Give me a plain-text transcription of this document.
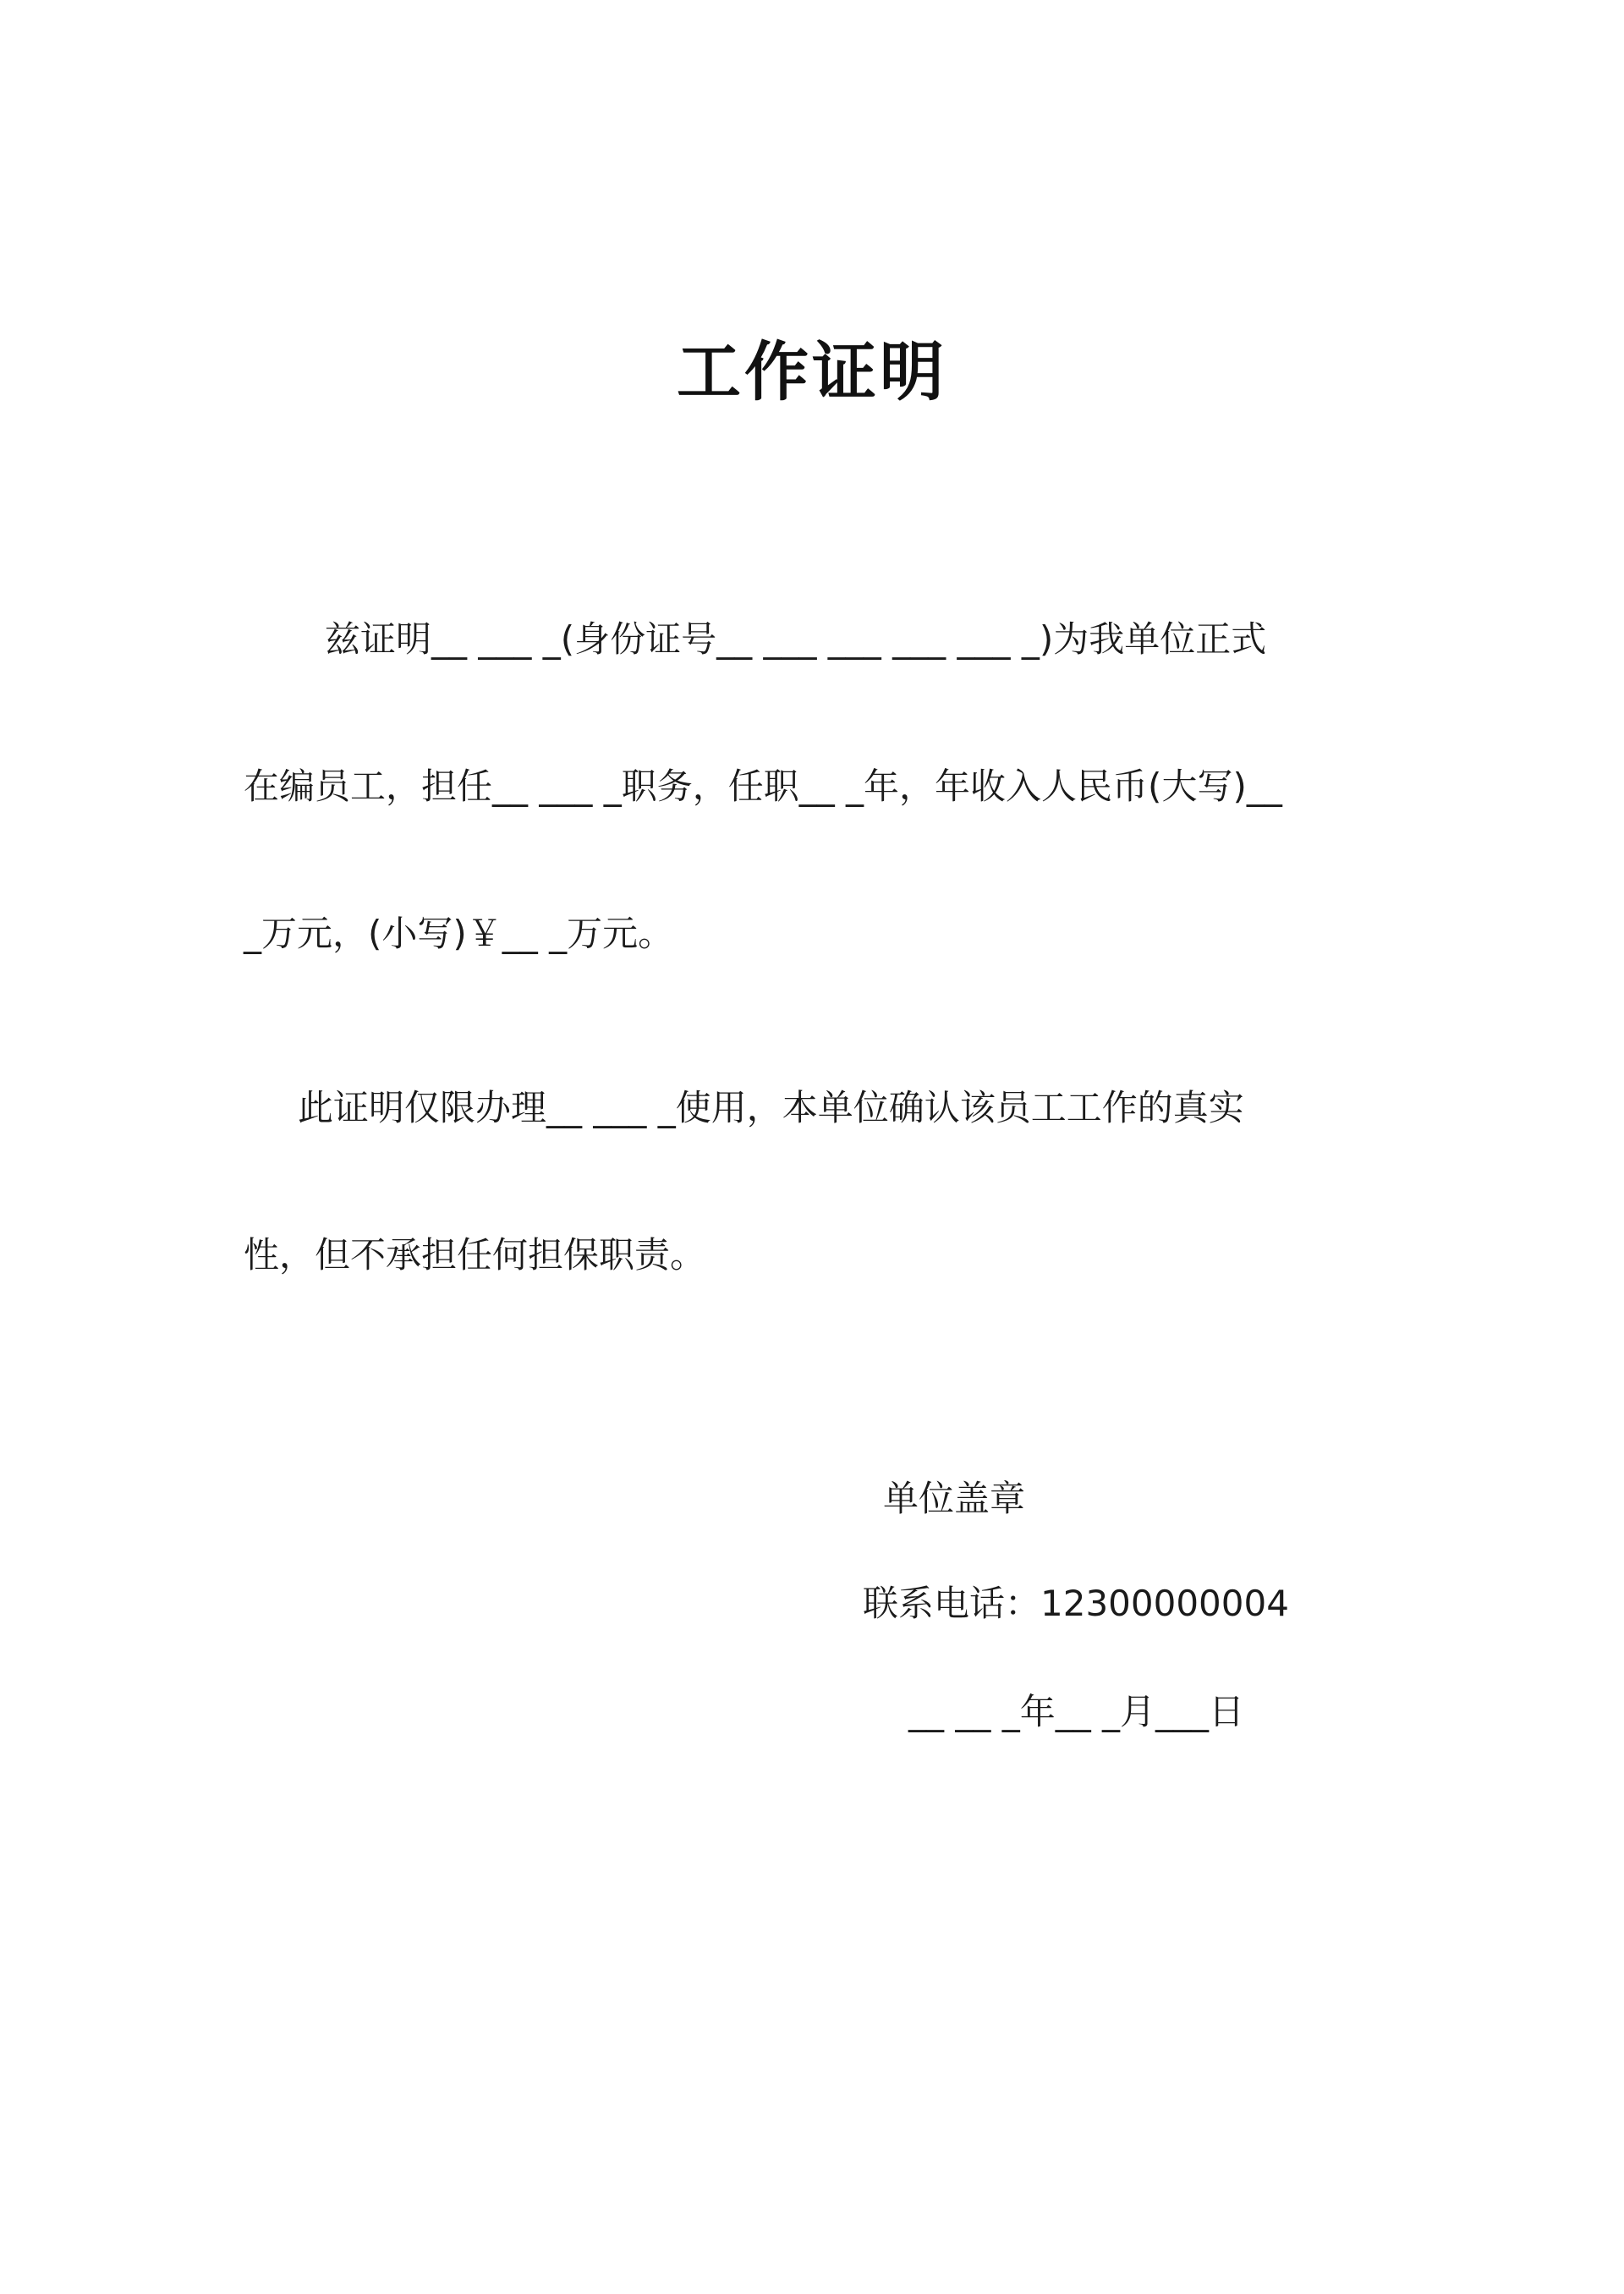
工作证明
兹证明__ ___ _(身份证号__ ___ ___ ___ ___ _)为我单位正式
在编员工，担任__ ___ _职务，任职__ _年，年收入人民币(大写)__
_万元，(小写)￥__ _万元。
此证明仅限办理__ ___ _使用，本单位确认该员工工作的真实
性，但不承担任何担保职责。
单位盖章
联系电话：12300000004
__ __ _年__ _月___日
